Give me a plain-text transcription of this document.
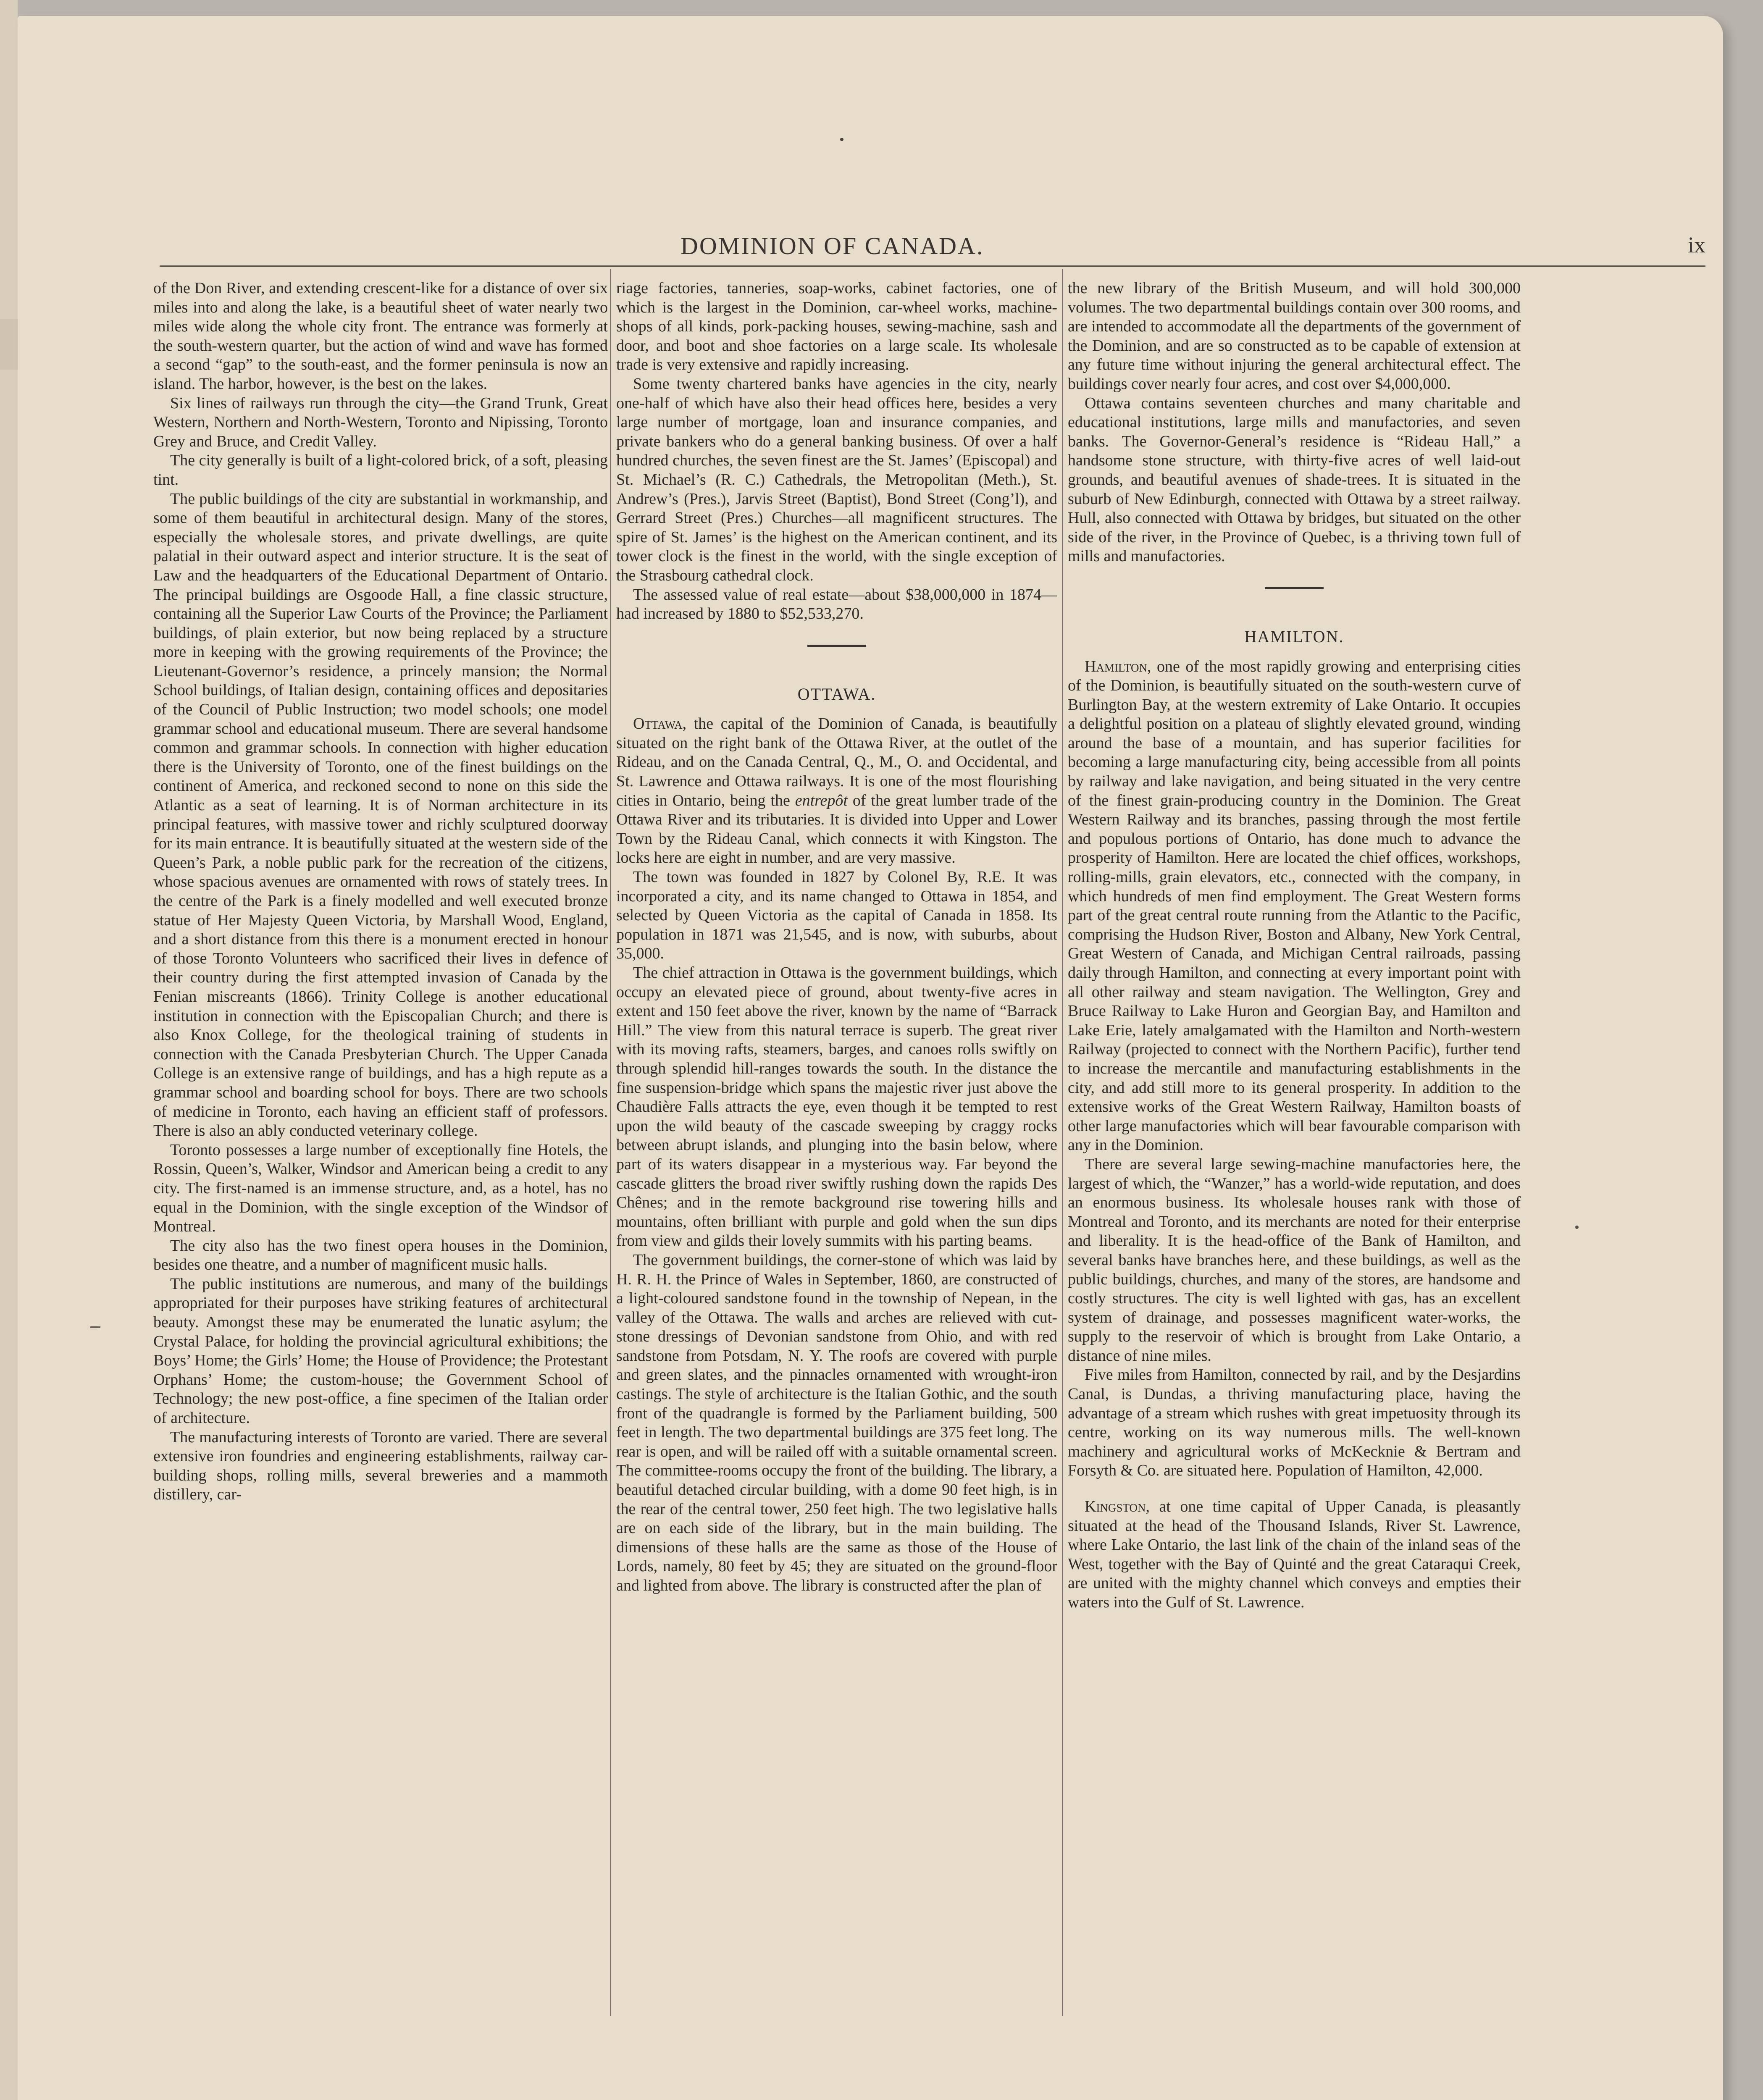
DOMINION OF CANADA.	ix

of the Don River, and extending crescent-like for a distance of over six miles into and along the lake, is a beautiful sheet of water nearly two miles wide along the whole city front. The entrance was formerly at the south-western quarter, but the action of wind and wave has formed a second “gap” to the south-east, and the former peninsula is now an island. The harbor, however, is the best on the lakes.

Six lines of railways run through the city—the Grand Trunk, Great Western, Northern and North-Western, Toronto and Nipissing, Toronto Grey and Bruce, and Credit Valley.

The city generally is built of a light-colored brick, of a soft, pleasing tint.

The public buildings of the city are substantial in workmanship, and some of them beautiful in architectural design. Many of the stores, especially the wholesale stores, and private dwellings, are quite palatial in their outward aspect and interior structure. It is the seat of Law and the headquarters of the Educational Department of Ontario. The principal buildings are Osgoode Hall, a fine classic structure, containing all the Superior Law Courts of the Province; the Parliament buildings, of plain exterior, but now being replaced by a structure more in keeping with the growing requirements of the Province; the Lieutenant-Governor’s residence, a princely mansion; the Normal School buildings, of Italian design, containing offices and depositaries of the Council of Public Instruction; two model schools; one model grammar school and educational museum. There are several handsome common and grammar schools. In connection with higher education there is the University of Toronto, one of the finest buildings on the continent of America, and reckoned second to none on this side the Atlantic as a seat of learning. It is of Norman architecture in its principal features, with massive tower and richly sculptured doorway for its main entrance. It is beautifully situated at the western side of the Queen’s Park, a noble public park for the recreation of the citizens, whose spacious avenues are ornamented with rows of stately trees. In the centre of the Park is a finely modelled and well executed bronze statue of Her Majesty Queen Victoria, by Marshall Wood, England, and a short distance from this there is a monument erected in honour of those Toronto Volunteers who sacrificed their lives in defence of their country during the first attempted invasion of Canada by the Fenian miscreants (1866). Trinity College is another educational institution in connection with the Episcopalian Church; and there is also Knox College, for the theological training of students in connection with the Canada Presbyterian Church. The Upper Canada College is an extensive range of buildings, and has a high repute as a grammar school and boarding school for boys. There are two schools of medicine in Toronto, each having an efficient staff of professors. There is also an ably conducted veterinary college.

Toronto possesses a large number of exceptionally fine Hotels, the Rossin, Queen’s, Walker, Windsor and American being a credit to any city. The first-named is an immense structure, and, as a hotel, has no equal in the Dominion, with the single exception of the Windsor of Montreal.

The city also has the two finest opera houses in the Dominion, besides one theatre, and a number of magnificent music halls.

The public institutions are numerous, and many of the buildings appropriated for their purposes have striking features of architectural beauty. Amongst these may be enumerated the lunatic asylum; the Crystal Palace, for holding the provincial agricultural exhibitions; the Boys’ Home; the Girls’ Home; the House of Providence; the Protestant Orphans’ Home; the custom-house; the Government School of Technology; the new post-office, a fine specimen of the Italian order of architecture.

The manufacturing interests of Toronto are varied. There are several extensive iron foundries and engineering establishments, railway car-building shops, rolling mills, several breweries and a mammoth distillery, car-

riage factories, tanneries, soap-works, cabinet factories, one of which is the largest in the Dominion, car-wheel works, machine-shops of all kinds, pork-packing houses, sewing-machine, sash and door, and boot and shoe factories on a large scale. Its wholesale trade is very extensive and rapidly increasing.

Some twenty chartered banks have agencies in the city, nearly one-half of which have also their head offices here, besides a very large number of mortgage, loan and insurance companies, and private bankers who do a general banking business. Of over a half hundred churches, the seven finest are the St. James’ (Episcopal) and St. Michael’s (R. C.) Cathedrals, the Metropolitan (Meth.), St. Andrew’s (Pres.), Jarvis Street (Baptist), Bond Street (Cong’l), and Gerrard Street (Pres.) Churches—all magnificent structures. The spire of St. James’ is the highest on the American continent, and its tower clock is the finest in the world, with the single exception of the Strasbourg cathedral clock.

The assessed value of real estate—about $38,000,000 in 1874—had increased by 1880 to $52,533,270.

OTTAWA.

Ottawa, the capital of the Dominion of Canada, is beautifully situated on the right bank of the Ottawa River, at the outlet of the Rideau, and on the Canada Central, Q., M., O. and Occidental, and St. Lawrence and Ottawa railways. It is one of the most flourishing cities in Ontario, being the entrepôt of the great lumber trade of the Ottawa River and its tributaries. It is divided into Upper and Lower Town by the Rideau Canal, which connects it with Kingston. The locks here are eight in number, and are very massive.

The town was founded in 1827 by Colonel By, R.E. It was incorporated a city, and its name changed to Ottawa in 1854, and selected by Queen Victoria as the capital of Canada in 1858. Its population in 1871 was 21,545, and is now, with suburbs, about 35,000.

The chief attraction in Ottawa is the government buildings, which occupy an elevated piece of ground, about twenty-five acres in extent and 150 feet above the river, known by the name of “Barrack Hill.” The view from this natural terrace is superb. The great river with its moving rafts, steamers, barges, and canoes rolls swiftly on through splendid hill-ranges towards the south. In the distance the fine suspension-bridge which spans the majestic river just above the Chaudière Falls attracts the eye, even though it be tempted to rest upon the wild beauty of the cascade sweeping by craggy rocks between abrupt islands, and plunging into the basin below, where part of its waters disappear in a mysterious way. Far beyond the cascade glitters the broad river swiftly rushing down the rapids Des Chênes; and in the remote background rise towering hills and mountains, often brilliant with purple and gold when the sun dips from view and gilds their lovely summits with his parting beams.

The government buildings, the corner-stone of which was laid by H. R. H. the Prince of Wales in September, 1860, are constructed of a light-coloured sandstone found in the township of Nepean, in the valley of the Ottawa. The walls and arches are relieved with cut-stone dressings of Devonian sandstone from Ohio, and with red sandstone from Potsdam, N. Y. The roofs are covered with purple and green slates, and the pinnacles ornamented with wrought-iron castings. The style of architecture is the Italian Gothic, and the south front of the quadrangle is formed by the Parliament building, 500 feet in length. The two departmental buildings are 375 feet long. The rear is open, and will be railed off with a suitable ornamental screen. The committee-rooms occupy the front of the building. The library, a beautiful detached circular building, with a dome 90 feet high, is in the rear of the central tower, 250 feet high. The two legislative halls are on each side of the library, but in the main building. The dimensions of these halls are the same as those of the House of Lords, namely, 80 feet by 45; they are situated on the ground-floor and lighted from above. The library is constructed after the plan of

the new library of the British Museum, and will hold 300,000 volumes. The two departmental buildings contain over 300 rooms, and are intended to accommodate all the departments of the government of the Dominion, and are so constructed as to be capable of extension at any future time without injuring the general architectural effect. The buildings cover nearly four acres, and cost over $4,000,000.

Ottawa contains seventeen churches and many charitable and educational institutions, large mills and manufactories, and seven banks. The Governor-General’s residence is “Rideau Hall,” a handsome stone structure, with thirty-five acres of well laid-out grounds, and beautiful avenues of shade-trees. It is situated in the suburb of New Edinburgh, connected with Ottawa by a street railway. Hull, also connected with Ottawa by bridges, but situated on the other side of the river, in the Province of Quebec, is a thriving town full of mills and manufactories.

HAMILTON.

Hamilton, one of the most rapidly growing and enterprising cities of the Dominion, is beautifully situated on the south-western curve of Burlington Bay, at the western extremity of Lake Ontario. It occupies a delightful position on a plateau of slightly elevated ground, winding around the base of a mountain, and has superior facilities for becoming a large manufacturing city, being accessible from all points by railway and lake navigation, and being situated in the very centre of the finest grain-producing country in the Dominion. The Great Western Railway and its branches, passing through the most fertile and populous portions of Ontario, has done much to advance the prosperity of Hamilton. Here are located the chief offices, workshops, rolling-mills, grain elevators, etc., connected with the company, in which hundreds of men find employment. The Great Western forms part of the great central route running from the Atlantic to the Pacific, comprising the Hudson River, Boston and Albany, New York Central, Great Western of Canada, and Michigan Central railroads, passing daily through Hamilton, and connecting at every important point with all other railway and steam navigation. The Wellington, Grey and Bruce Railway to Lake Huron and Georgian Bay, and Hamilton and Lake Erie, lately amalgamated with the Hamilton and North-western Railway (projected to connect with the Northern Pacific), further tend to increase the mercantile and manufacturing establishments in the city, and add still more to its general prosperity. In addition to the extensive works of the Great Western Railway, Hamilton boasts of other large manufactories which will bear favourable comparison with any in the Dominion.

There are several large sewing-machine manufactories here, the largest of which, the “Wanzer,” has a world-wide reputation, and does an enormous business. Its wholesale houses rank with those of Montreal and Toronto, and its merchants are noted for their enterprise and liberality. It is the head-office of the Bank of Hamilton, and several banks have branches here, and these buildings, as well as the public buildings, churches, and many of the stores, are handsome and costly structures. The city is well lighted with gas, has an excellent system of drainage, and possesses magnificent water-works, the supply to the reservoir of which is brought from Lake Ontario, a distance of nine miles.

Five miles from Hamilton, connected by rail, and by the Desjardins Canal, is Dundas, a thriving manufacturing place, having the advantage of a stream which rushes with great impetuosity through its centre, working on its way numerous mills. The well-known machinery and agricultural works of McKecknie & Bertram and Forsyth & Co. are situated here. Population of Hamilton, 42,000.

Kingston, at one time capital of Upper Canada, is pleasantly situated at the head of the Thousand Islands, River St. Lawrence, where Lake Ontario, the last link of the chain of the inland seas of the West, together with the Bay of Quinté and the great Cataraqui Creek, are united with the mighty channel which conveys and empties their waters into the Gulf of St. Lawrence.
